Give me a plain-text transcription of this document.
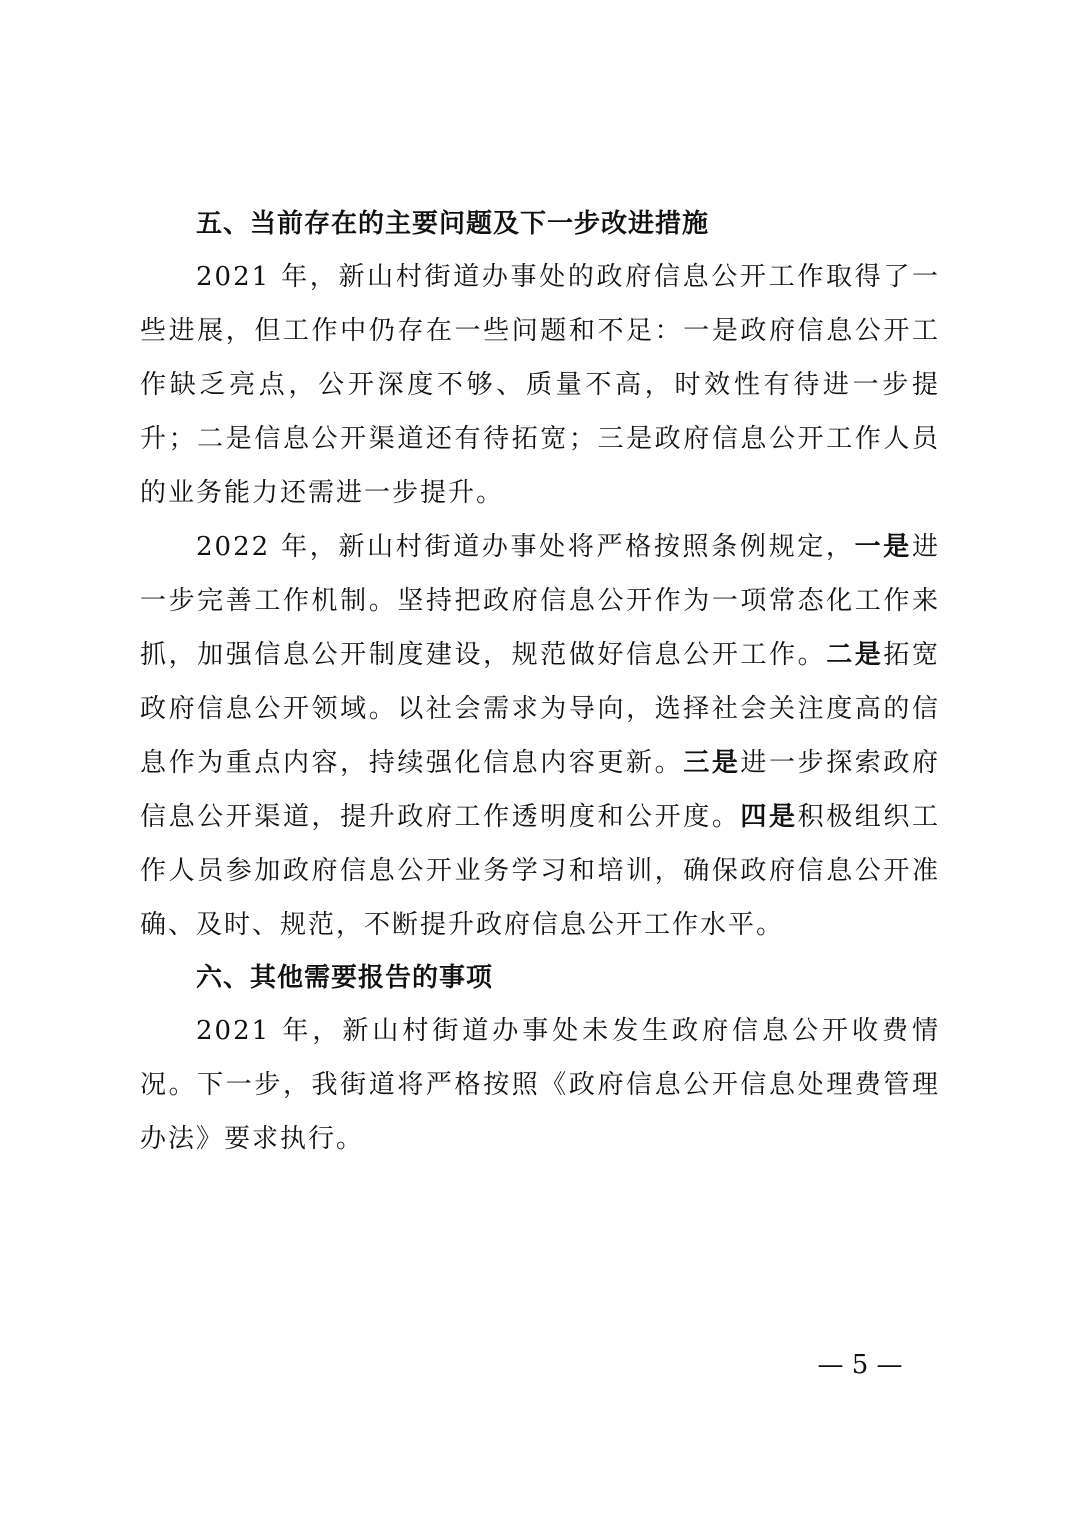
五、当前存在的主要问题及下一步改进措施

2021 年，新山村街道办事处的政府信息公开工作取得了一些进展，但工作中仍存在一些问题和不足：一是政府信息公开工作缺乏亮点，公开深度不够、质量不高，时效性有待进一步提升；二是信息公开渠道还有待拓宽；三是政府信息公开工作人员的业务能力还需进一步提升。

2022 年，新山村街道办事处将严格按照条例规定，一是进一步完善工作机制。坚持把政府信息公开作为一项常态化工作来抓，加强信息公开制度建设，规范做好信息公开工作。二是拓宽政府信息公开领域。以社会需求为导向，选择社会关注度高的信息作为重点内容，持续强化信息内容更新。三是进一步探索政府信息公开渠道，提升政府工作透明度和公开度。四是积极组织工作人员参加政府信息公开业务学习和培训，确保政府信息公开准确、及时、规范，不断提升政府信息公开工作水平。

六、其他需要报告的事项

2021 年，新山村街道办事处未发生政府信息公开收费情况。下一步，我街道将严格按照《政府信息公开信息处理费管理办法》要求执行。

— 5 —
